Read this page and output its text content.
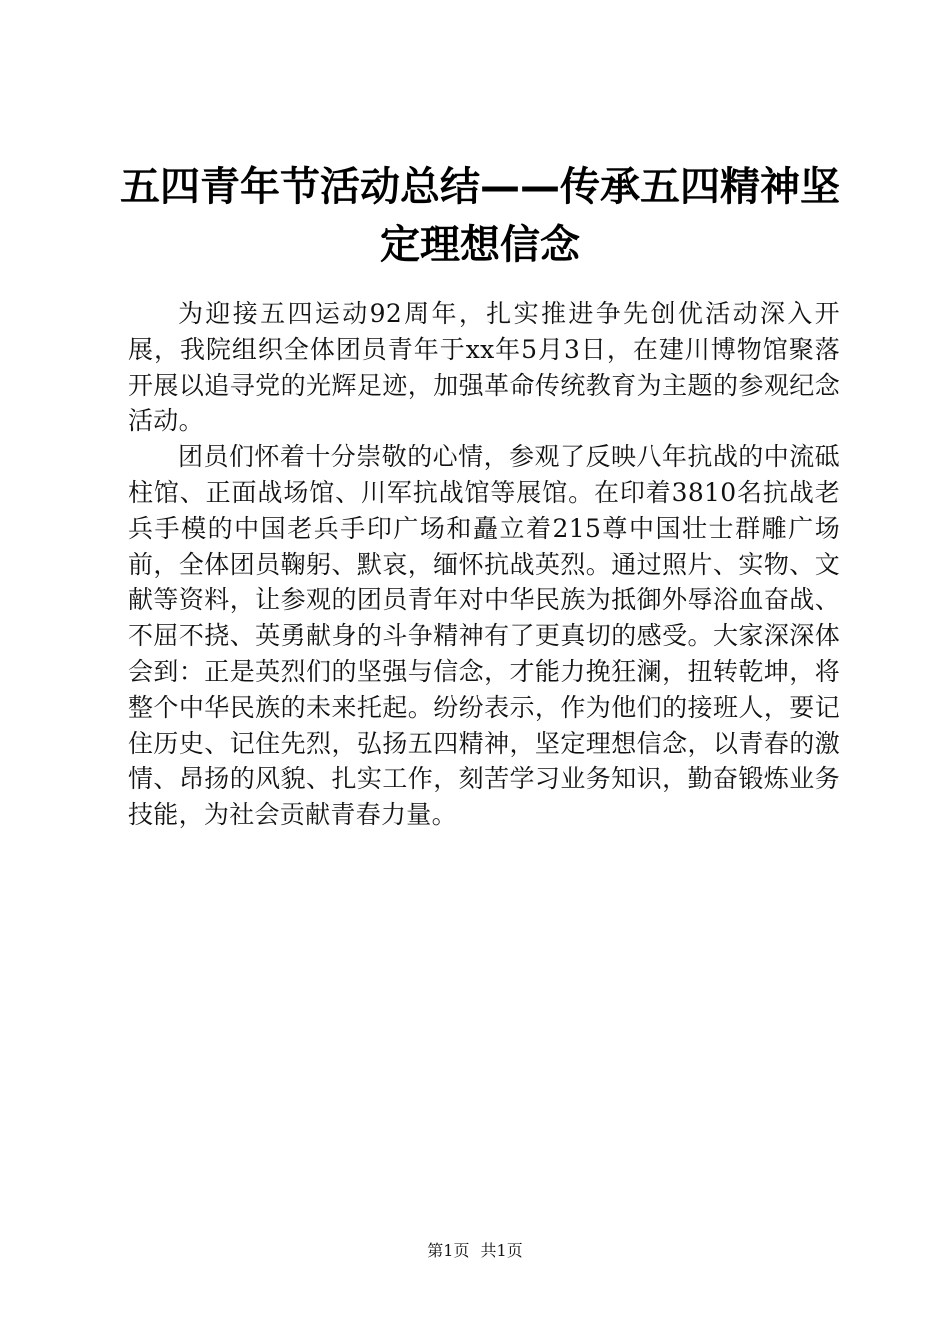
五四青年节活动总结——传承五四精神坚定理想信念

为迎接五四运动92周年，扎实推进争先创优活动深入开展，我院组织全体团员青年于xx年5月3日，在建川博物馆聚落开展以追寻党的光辉足迹，加强革命传统教育为主题的参观纪念活动。

团员们怀着十分崇敬的心情，参观了反映八年抗战的中流砥柱馆、正面战场馆、川军抗战馆等展馆。在印着3810名抗战老兵手模的中国老兵手印广场和矗立着215尊中国壮士群雕广场前，全体团员鞠躬、默哀，缅怀抗战英烈。通过照片、实物、文献等资料，让参观的团员青年对中华民族为抵御外辱浴血奋战、不屈不挠、英勇献身的斗争精神有了更真切的感受。大家深深体会到：正是英烈们的坚强与信念，才能力挽狂澜，扭转乾坤，将整个中华民族的未来托起。纷纷表示，作为他们的接班人，要记住历史、记住先烈，弘扬五四精神，坚定理想信念，以青春的激情、昂扬的风貌、扎实工作，刻苦学习业务知识，勤奋锻炼业务技能，为社会贡献青春力量。

第1页 共1页
